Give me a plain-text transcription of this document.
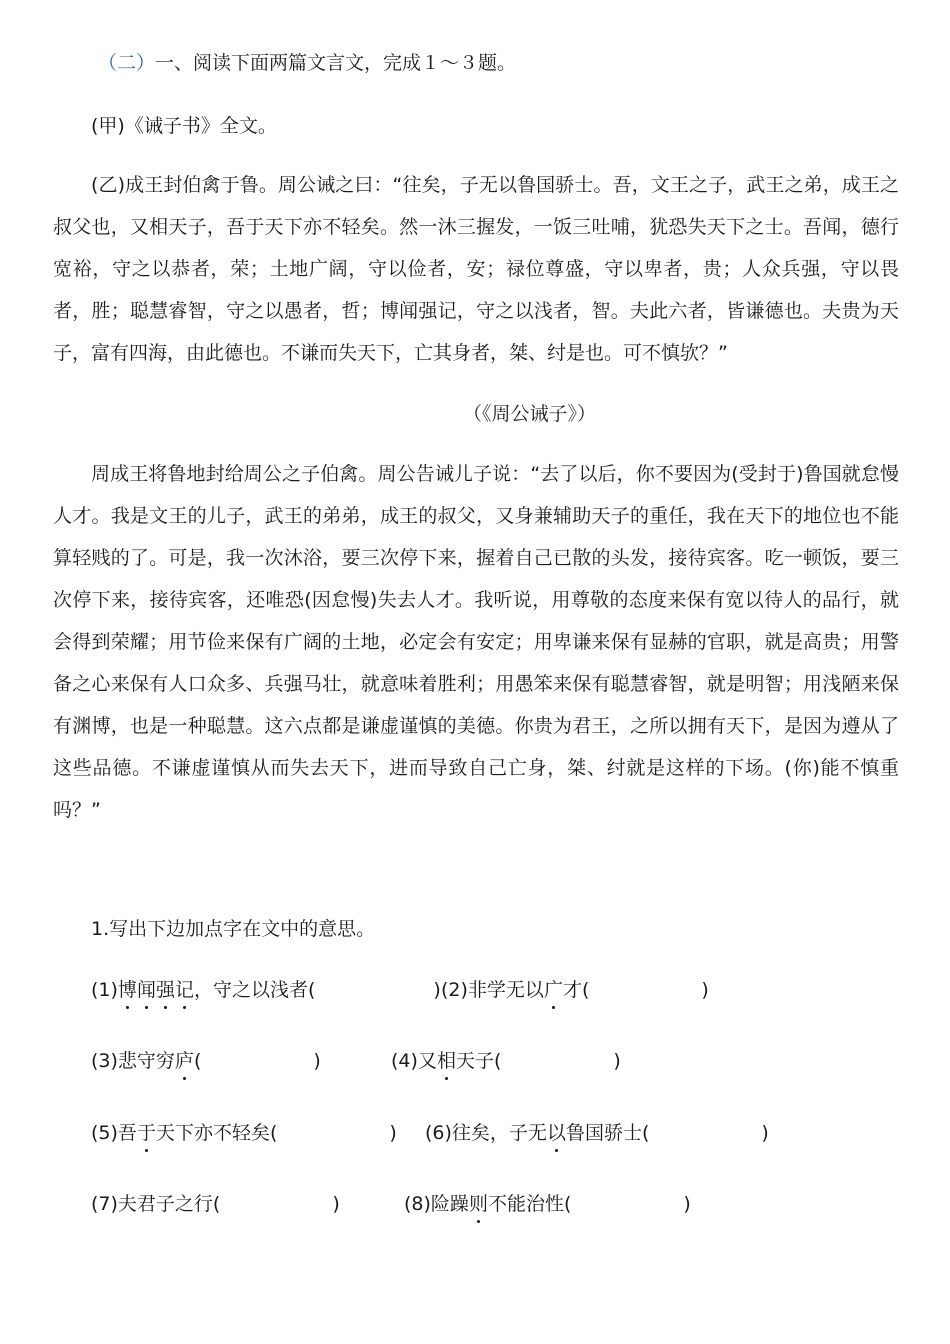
（二）一、阅读下面两篇文言文，完成１～３题。
(甲)《诫子书》全文。
(乙)成王封伯禽于鲁。周公诫之曰：“往矣，子无以鲁国骄士。吾，文王之子，武王之弟，成王之叔父也，又相天子，吾于天下亦不轻矣。然一沐三握发，一饭三吐哺，犹恐失天下之士。吾闻，德行宽裕，守之以恭者，荣；土地广阔，守以俭者，安；禄位尊盛，守以卑者，贵；人众兵强，守以畏者，胜；聪慧睿智，守之以愚者，哲；博闻强记，守之以浅者，智。夫此六者，皆谦德也。夫贵为天子，富有四海，由此德也。不谦而失天下，亡其身者，桀、纣是也。可不慎欤？”
（《周公诫子》）
周成王将鲁地封给周公之子伯禽。周公告诫儿子说：“去了以后，你不要因为(受封于)鲁国就怠慢人才。我是文王的儿子，武王的弟弟，成王的叔父，又身兼辅助天子的重任，我在天下的地位也不能算轻贱的了。可是，我一次沐浴，要三次停下来，握着自己已散的头发，接待宾客。吃一顿饭，要三次停下来，接待宾客，还唯恐(因怠慢)失去人才。我听说，用尊敬的态度来保有宽以待人的品行，就会得到荣耀；用节俭来保有广阔的土地，必定会有安定；用卑谦来保有显赫的官职，就是高贵；用警备之心来保有人口众多、兵强马壮，就意味着胜利；用愚笨来保有聪慧睿智，就是明智；用浅陋来保有渊博，也是一种聪慧。这六点都是谦虚谨慎的美德。你贵为君王，之所以拥有天下，是因为遵从了这些品德。不谦虚谨慎从而失去天下，进而导致自己亡身，桀、纣就是这样的下场。(你)能不慎重吗？”
1.写出下边加点字在文中的意思。
(1)博闻强记，守之以浅者(	) (2)非学无以广才(	)
(3)悲守穷庐(	)	(4)又相天子(	)
(5)吾于天下亦不轻矣(	) (6)往矣，子无以鲁国骄士(	)
(7)夫君子之行(	)	(8)险躁则不能治性(	)
